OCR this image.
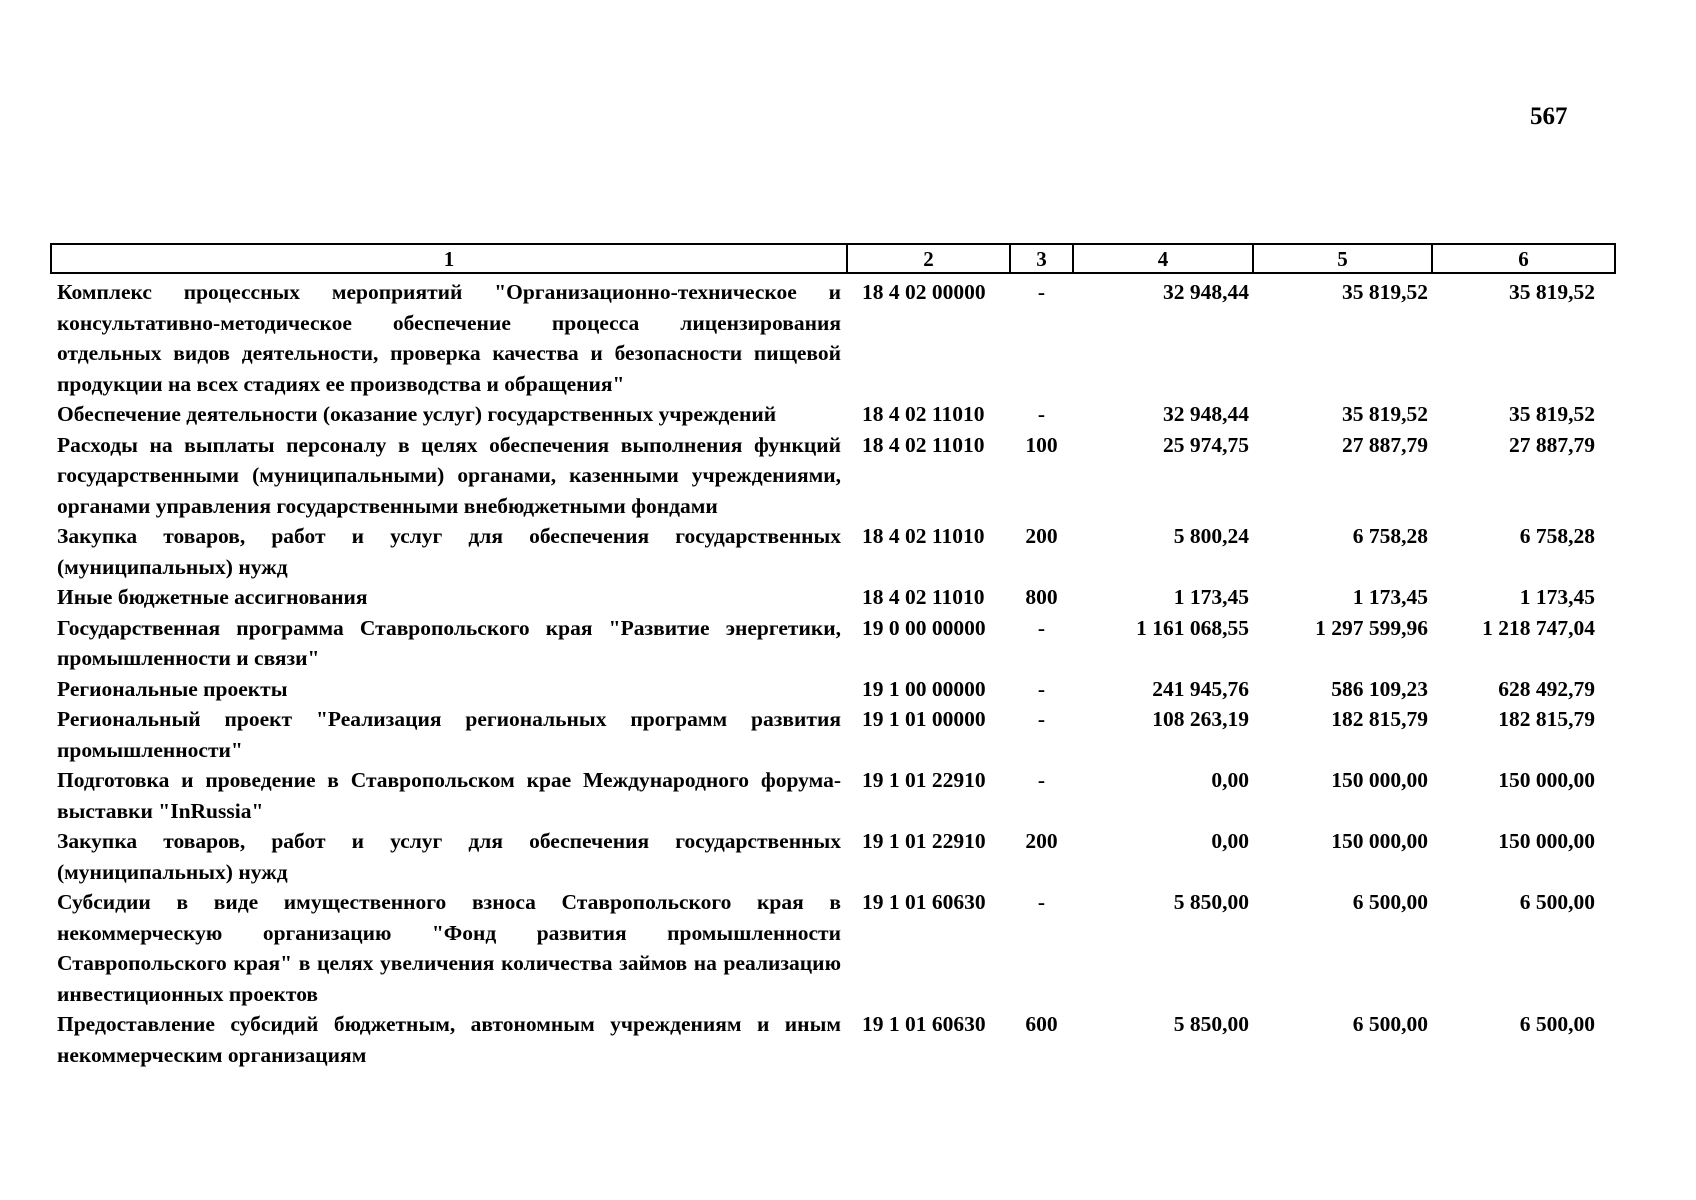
567
1	2	3	4	5	6
Комплекс процессных мероприятий "Организационно-техническое и консультативно-методическое обеспечение процесса лицензирования отдельных видов деятельности, проверка качества и безопасности пищевой продукции на всех стадиях ее производства и обращения"	18 4 02 00000	-	32 948,44	35 819,52	35 819,52
Обеспечение деятельности (оказание услуг) государственных учреждений	18 4 02 11010	-	32 948,44	35 819,52	35 819,52
Расходы на выплаты персоналу в целях обеспечения выполнения функций государственными (муниципальными) органами, казенными учреждениями, органами управления государственными внебюджетными фондами	18 4 02 11010	100	25 974,75	27 887,79	27 887,79
Закупка товаров, работ и услуг для обеспечения государственных (муниципальных) нужд	18 4 02 11010	200	5 800,24	6 758,28	6 758,28
Иные бюджетные ассигнования	18 4 02 11010	800	1 173,45	1 173,45	1 173,45
Государственная программа Ставропольского края "Развитие энергетики, промышленности и связи"	19 0 00 00000	-	1 161 068,55	1 297 599,96	1 218 747,04
Региональные проекты	19 1 00 00000	-	241 945,76	586 109,23	628 492,79
Региональный проект "Реализация региональных программ развития промышленности"	19 1 01 00000	-	108 263,19	182 815,79	182 815,79
Подготовка и проведение в Ставропольском крае Международного форума-выставки "InRussia"	19 1 01 22910	-	0,00	150 000,00	150 000,00
Закупка товаров, работ и услуг для обеспечения государственных (муниципальных) нужд	19 1 01 22910	200	0,00	150 000,00	150 000,00
Субсидии в виде имущественного взноса Ставропольского края в некоммерческую организацию "Фонд развития промышленности Ставропольского края" в целях увеличения количества займов на реализацию инвестиционных проектов	19 1 01 60630	-	5 850,00	6 500,00	6 500,00
Предоставление субсидий бюджетным, автономным учреждениям и иным некоммерческим организациям	19 1 01 60630	600	5 850,00	6 500,00	6 500,00
